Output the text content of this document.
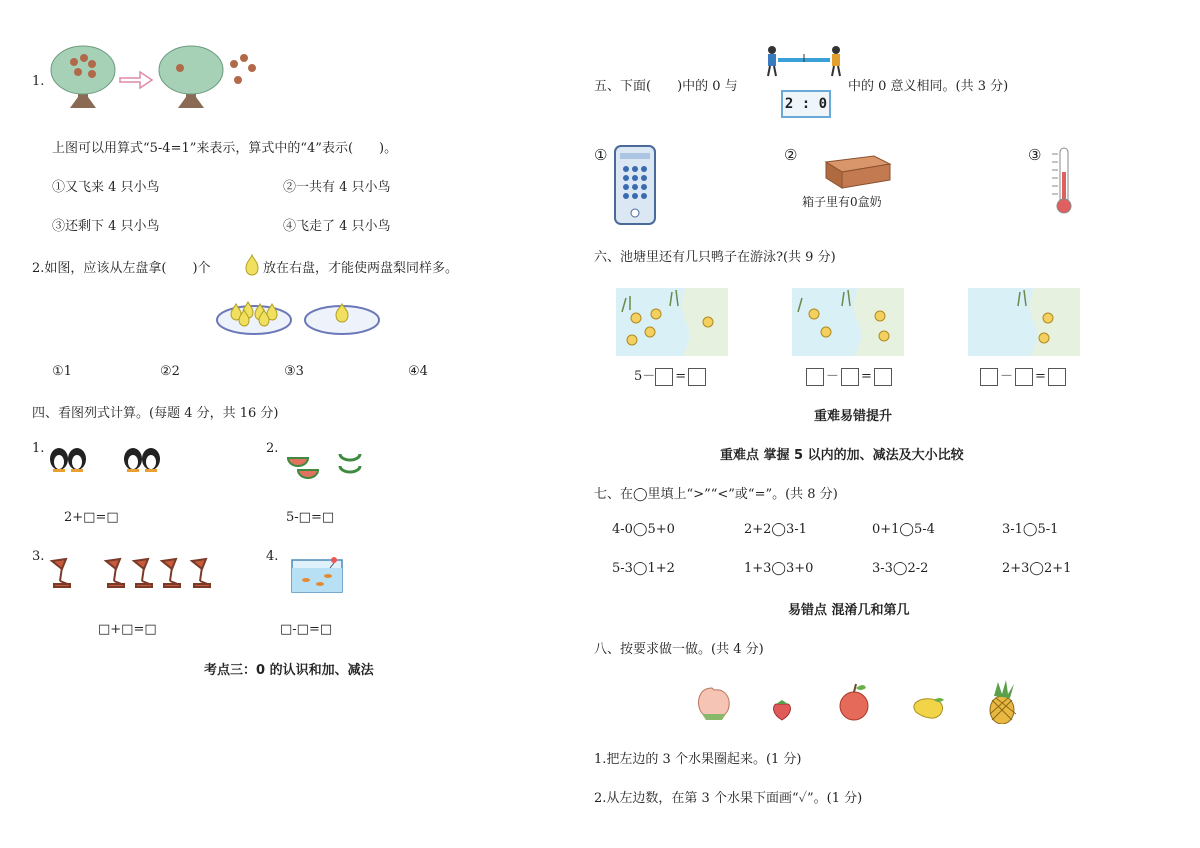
1.
上图可以用算式“5-4=1”来表示，算式中的“4”表示(　　)。
①又飞来 4 只小鸟	②一共有 4 只小鸟
③还剩下 4 只小鸟	④飞走了 4 只小鸟
2.如图，应该从左盘拿(　　)个	放在右盘，才能使两盘梨同样多。
①1	②2	③3	④4
四、看图列式计算。(每题 4 分，共 16 分)
1.
2+□=□
2.
5-□=□
3.
□+□=□
4.
□-□=□
考点三：0 的认识和加、减法
五、下面(　　)中的 0 与
2 : 0
中的 0 意义相同。(共 3 分)
①	②
箱子里有0盒奶
③
六、池塘里还有几只鸭子在游泳?(共 9 分)
5－ =	－ =	－ =
重难易错提升
重难点 掌握 5 以内的加、减法及大小比较
七、在◯里填上“>”“<”或“=”。(共 8 分)
4-0◯5+0	2+2◯3-1	0+1◯5-4	3-1◯5-1
5-3◯1+2	1+3◯3+0	3-3◯2-2	2+3◯2+1
易错点 混淆几和第几
八、按要求做一做。(共 4 分)
1.把左边的 3 个水果圈起来。(1 分)
2.从左边数，在第 3 个水果下面画“✓”。(1 分)
